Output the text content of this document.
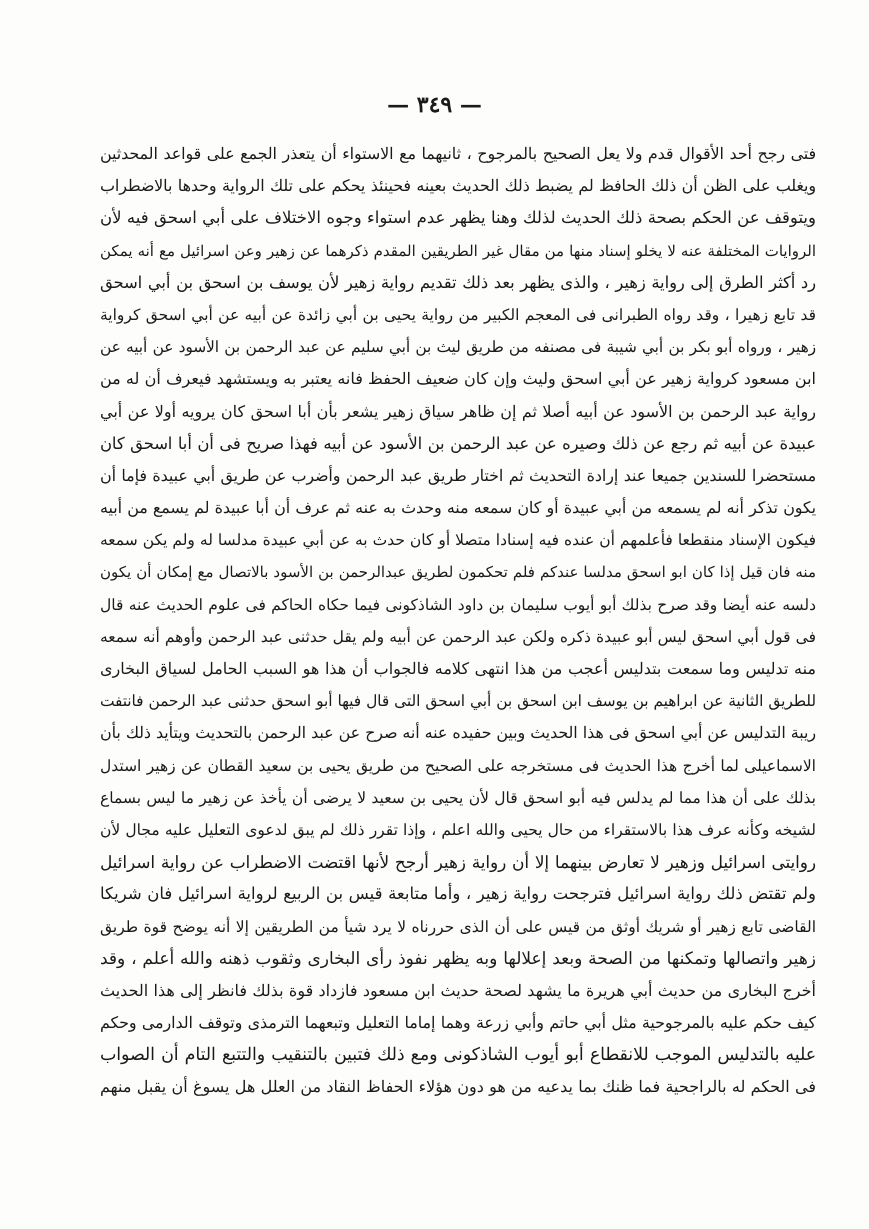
— ٣٤٩ —
فتى رجح أحد الأقوال قدم ولا يعل الصحيح بالمرجوح ، ثانيهما مع الاستواء أن يتعذر الجمع على قواعد المحدثين
ويغلب على الظن أن ذلك الحافظ لم يضبط ذلك الحديث بعينه فحينئذ يحكم على تلك الرواية وحدها بالاضطراب
ويتوقف عن الحكم بصحة ذلك الحديث لذلك وهنا يظهر عدم استواء وجوه الاختلاف على أبي اسحق فيه لأن
الروايات المختلفة عنه لا يخلو إسناد منها من مقال غير الطريقين المقدم ذكرهما عن زهير وعن اسرائيل مع أنه يمكن
رد أكثر الطرق إلى رواية زهير ، والذى يظهر بعد ذلك تقديم رواية زهير لأن يوسف بن اسحق بن أبي اسحق
قد تابع زهيرا ، وقد رواه الطبرانى فى المعجم الكبير من رواية يحيى بن أبي زائدة عن أبيه عن أبي اسحق كرواية
زهير ، ورواه أبو بكر بن أبي شيبة فى مصنفه من طريق ليث بن أبي سليم عن عبد الرحمن بن الأسود عن أبيه عن
ابن مسعود كرواية زهير عن أبي اسحق وليث وإن كان ضعيف الحفظ فانه يعتبر به ويستشهد فيعرف أن له من
رواية عبد الرحمن بن الأسود عن أبيه أصلا ثم إن ظاهر سياق زهير يشعر بأن أبا اسحق كان يرويه أولا عن أبي
عبيدة عن أبيه ثم رجع عن ذلك وصيره عن عبد الرحمن بن الأسود عن أبيه فهذا صريح فى أن أبا اسحق كان
مستحضرا للسندين جميعا عند إرادة التحديث ثم اختار طريق عبد الرحمن وأضرب عن طريق أبي عبيدة فإما أن
يكون تذكر أنه لم يسمعه من أبي عبيدة أو كان سمعه منه وحدث به عنه ثم عرف أن أبا عبيدة لم يسمع من أبيه
فيكون الإسناد منقطعا فأعلمهم أن عنده فيه إسنادا متصلا أو كان حدث به عن أبي عبيدة مدلسا له ولم يكن سمعه
منه فان قيل إذا كان ابو اسحق مدلسا عندكم فلم تحكمون لطريق عبدالرحمن بن الأسود بالاتصال مع إمكان أن يكون
دلسه عنه أيضا وقد صرح بذلك أبو أيوب سليمان بن داود الشاذكونى فيما حكاه الحاكم فى علوم الحديث عنه قال
فى قول أبي اسحق ليس أبو عبيدة ذكره ولكن عبد الرحمن عن أبيه ولم يقل حدثنى عبد الرحمن وأوهم أنه سمعه
منه تدليس وما سمعت بتدليس أعجب من هذا انتهى كلامه فالجواب أن هذا هو السبب الحامل لسياق البخارى
للطريق الثانية عن ابراهيم بن يوسف ابن اسحق بن أبي اسحق التى قال فيها أبو اسحق حدثنى عبد الرحمن فانتفت
ريبة التدليس عن أبي اسحق فى هذا الحديث وبين حفيده عنه أنه صرح عن عبد الرحمن بالتحديث ويتأيد ذلك بأن
الاسماعيلى لما أخرج هذا الحديث فى مستخرجه على الصحيح من طريق يحيى بن سعيد القطان عن زهير استدل
بذلك على أن هذا مما لم يدلس فيه أبو اسحق قال لأن يحيى بن سعيد لا يرضى أن يأخذ عن زهير ما ليس بسماع
لشيخه وكأنه عرف هذا بالاستقراء من حال يحيى والله اعلم ، وإذا تقرر ذلك لم يبق لدعوى التعليل عليه مجال لأن
روايتى اسرائيل وزهير لا تعارض بينهما إلا أن رواية زهير أرجح لأنها اقتضت الاضطراب عن رواية اسرائيل
ولم تقتض ذلك رواية اسرائيل فترجحت رواية زهير ، وأما متابعة قيس بن الربيع لرواية اسرائيل فان شريكا
القاضى تابع زهير أو شريك أوثق من قيس على أن الذى حررناه لا يرد شيأ من الطريقين إلا أنه يوضح قوة طريق
زهير واتصالها وتمكنها من الصحة وبعد إعلالها وبه يظهر نفوذ رأى البخارى وثقوب ذهنه والله أعلم ، وقد
أخرج البخارى من حديث أبي هريرة ما يشهد لصحة حديث ابن مسعود فازداد قوة بذلك فانظر إلى هذا الحديث
كيف حكم عليه بالمرجوحية مثل أبي حاتم وأبي زرعة وهما إماما التعليل وتبعهما الترمذى وتوقف الدارمى وحكم
عليه بالتدليس الموجب للانقطاع أبو أيوب الشاذكونى ومع ذلك فتبين بالتنقيب والتتبع التام أن الصواب
فى الحكم له بالراجحية فما ظنك بما يدعيه من هو دون هؤلاء الحفاظ النقاد من العلل هل يسوغ أن يقبل منهم
